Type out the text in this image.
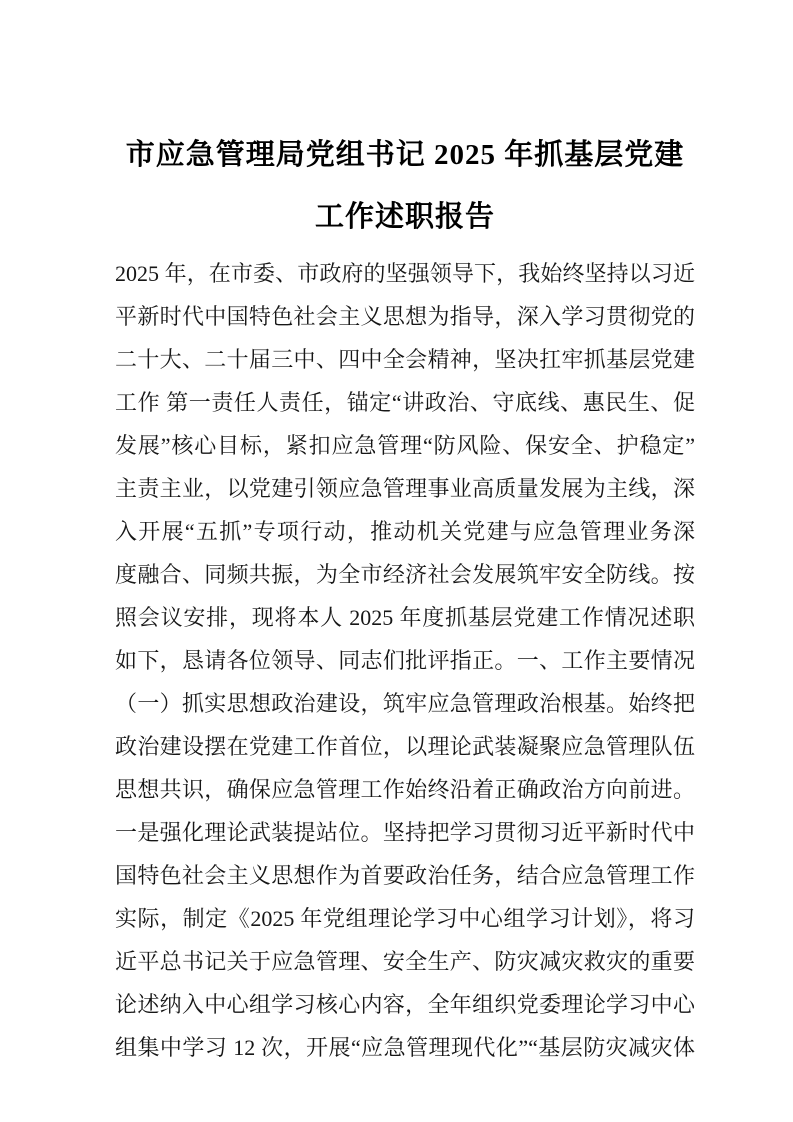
市应急管理局党组书记 2025 年抓基层党建
工作述职报告
2025 年，在市委、市政府的坚强领导下，我始终坚持以习近
平新时代中国特色社会主义思想为指导，深入学习贯彻党的
二十大、二十届三中、四中全会精神，坚决扛牢抓基层党建
工作 第一责任人责任，锚定“讲政治、守底线、惠民生、促
发展”核心目标，紧扣应急管理“防风险、保安全、护稳定”
主责主业，以党建引领应急管理事业高质量发展为主线，深
入开展“五抓”专项行动，推动机关党建与应急管理业务深
度融合、同频共振，为全市经济社会发展筑牢安全防线。按
照会议安排，现将本人 2025 年度抓基层党建工作情况述职
如下，恳请各位领导、同志们批评指正。一、工作主要情况
（一）抓实思想政治建设，筑牢应急管理政治根基。始终把
政治建设摆在党建工作首位，以理论武装凝聚应急管理队伍
思想共识，确保应急管理工作始终沿着正确政治方向前进。
一是强化理论武装提站位。坚持把学习贯彻习近平新时代中
国特色社会主义思想作为首要政治任务，结合应急管理工作
实际，制定《2025 年党组理论学习中心组学习计划》，将习
近平总书记关于应急管理、安全生产、防灾减灾救灾的重要
论述纳入中心组学习核心内容，全年组织党委理论学习中心
组集中学习 12 次，开展“应急管理现代化”“基层防灾减灾体
